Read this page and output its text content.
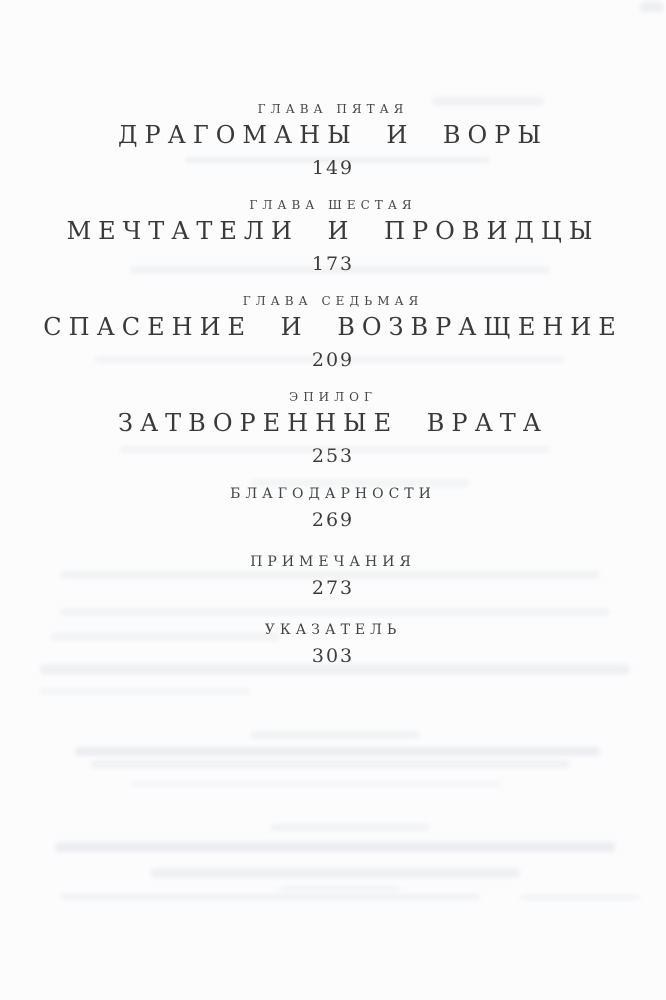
ГЛАВА ПЯТАЯ
ДРАГОМАНЫ И ВОРЫ
149
ГЛАВА ШЕСТАЯ
МЕЧТАТЕЛИ И ПРОВИДЦЫ
173
ГЛАВА СЕДЬМАЯ
СПАСЕНИЕ И ВОЗВРАЩЕНИЕ
209
ЭПИЛОГ
ЗАТВОРЕННЫЕ ВРАТА
253
БЛАГОДАРНОСТИ
269
ПРИМЕЧАНИЯ
273
УКАЗАТЕЛЬ
303
